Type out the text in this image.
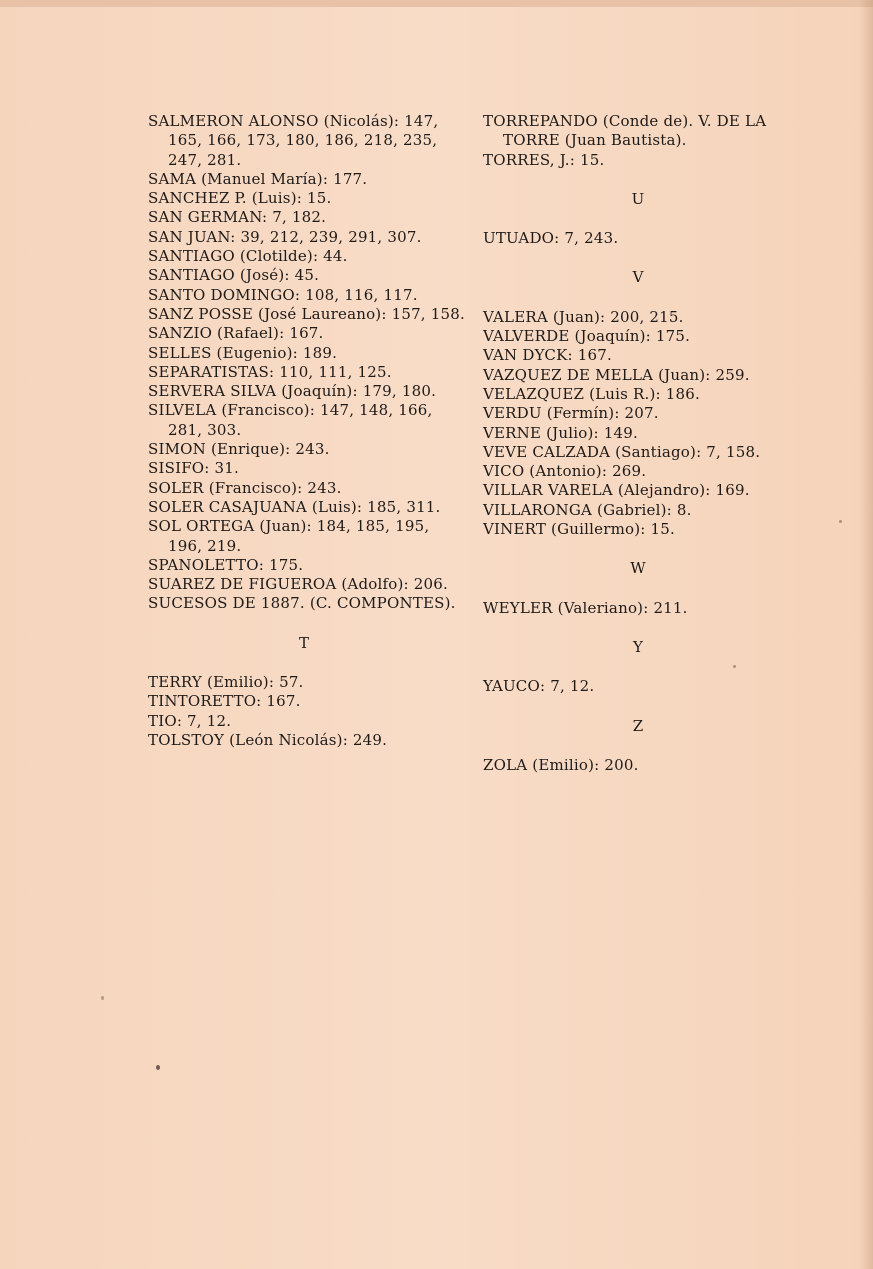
SALMERON ALONSO (Nicolás): 147, 165, 166, 173, 180, 186, 218, 235, 247, 281.
SAMA (Manuel María): 177.
SANCHEZ P. (Luis): 15.
SAN GERMAN: 7, 182.
SAN JUAN: 39, 212, 239, 291, 307.
SANTIAGO (Clotilde): 44.
SANTIAGO (José): 45.
SANTO DOMINGO: 108, 116, 117.
SANZ POSSE (José Laureano): 157, 158.
SANZIO (Rafael): 167.
SELLES (Eugenio): 189.
SEPARATISTAS: 110, 111, 125.
SERVERA SILVA (Joaquín): 179, 180.
SILVELA (Francisco): 147, 148, 166, 281, 303.
SIMON (Enrique): 243.
SISIFO: 31.
SOLER (Francisco): 243.
SOLER CASAJUANA (Luis): 185, 311.
SOL ORTEGA (Juan): 184, 185, 195, 196, 219.
SPANOLETTO: 175.
SUAREZ DE FIGUEROA (Adolfo): 206.
SUCESOS DE 1887. (C. COMPONTES).
T
TERRY (Emilio): 57.
TINTORETTO: 167.
TIO: 7, 12.
TOLSTOY (León Nicolás): 249.
TORREPANDO (Conde de). V. DE LA TORRE (Juan Bautista).
TORRES, J.: 15.
U
UTUADO: 7, 243.
V
VALERA (Juan): 200, 215.
VALVERDE (Joaquín): 175.
VAN DYCK: 167.
VAZQUEZ DE MELLA (Juan): 259.
VELAZQUEZ (Luis R.): 186.
VERDU (Fermín): 207.
VERNE (Julio): 149.
VEVE CALZADA (Santiago): 7, 158.
VICO (Antonio): 269.
VILLAR VARELA (Alejandro): 169.
VILLARONGA (Gabriel): 8.
VINERT (Guillermo): 15.
W
WEYLER (Valeriano): 211.
Y
YAUCO: 7, 12.
Z
ZOLA (Emilio): 200.
